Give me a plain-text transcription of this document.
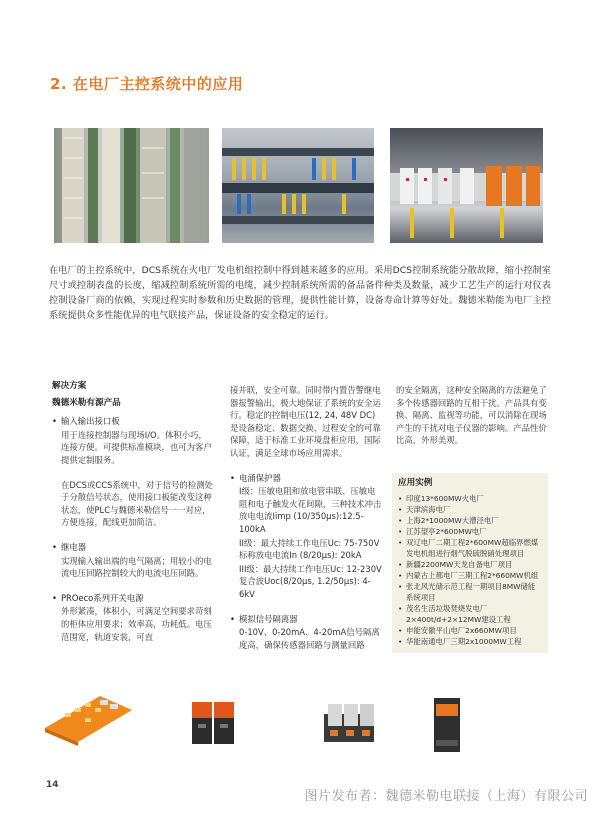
2. 在电厂主控系统中的应用

在电厂的主控系统中，DCS系统在火电厂发电机组控制中得到越来越多的应用。采用DCS控制系统能分散故障，缩小控制室尺寸或控制表盘的长度，缩减控制系统所需的电缆，减少控制系统所需的备品备件种类及数量，减少工艺生产的运行对仪表控制设备厂商的依赖，实现过程实时参数和历史数据的管理，提供性能计算，设备寿命计算等好处。魏德米勒能为电厂主控系统提供众多性能优异的电气联接产品，保证设备的安全稳定的运行。

解决方案
魏德米勒有源产品
• 输入输出接口板
用于连接控制器与现场I/O。体积小巧，连接方便。可提供标准模块，也可为客户提供定制服务。
在DCS或CCS系统中，对于信号的检测处于分散信号状态，使用接口板能改变这种状态，使PLC与魏德米勒信号一一对应，方便连接，配线更加简洁。
• 继电器
实现输入输出端的电气隔离；用较小的电流电压回路控制较大的电流电压回路。
• PROeco系列开关电源
外形紧凑，体积小，可满足空间要求苛刻的柜体应用要求；效率高，功耗低。电压范围宽，轨道安装，可直
接并联，安全可靠。同时带内置告警继电器报警输出，极大地保证了系统的安全运行。稳定的控制电压(12, 24, 48V DC)是设备稳定、数据交换、过程安全的可靠保障，适于标准工业环境盘柜应用，国际认证，满足全球市场应用需求。
• 电涌保护器
I级：压敏电阻和放电管串联、压敏电阻和电子触发火花间隙，三种技术冲击放电电流Iimp (10/350μs):12.5-100kA
II级：最大持续工作电压Uc: 75-750V标称放电电流In (8/20μs): 20kA
III级：最大持续工作电压Uc: 12-230V复合波Uoc(8/20μs, 1.2/50μs): 4-6kV
• 模拟信号隔离器
0-10V、0-20mA、4-20mA信号隔离度高，确保传感器回路与测量回路
的安全隔离，这种安全隔离的方法避免了多个传感器回路的互相干扰。产品具有变换、隔离、监视等功能，可以消除在现场产生的干扰对电子仪器的影响。产品性价比高，外形美观。
应用实例
• 印度13*600MW火电厂
• 天津滨海电厂
• 上海2*1000MW大漕泾电厂
• 江苏望亭2*600MW电厂
• 双辽电厂二期工程2*600MW超临界燃煤发电机组进行烟气脱硫脱硝处理项目
• 新疆2200MW天龙自备电厂项目
• 内蒙古上都电厂三期工程2*660MW机组
• 张北风光储示范工程一期项目8MW储能系统项目
• 茂名生活垃圾焚烧发电厂2×400t/d+2×12MW建设工程
• 申能安徽平山电厂2x660MW项目
• 华能南通电厂三期2x1000MW工程
14
图片发布者：魏德米勒电联接（上海）有限公司
